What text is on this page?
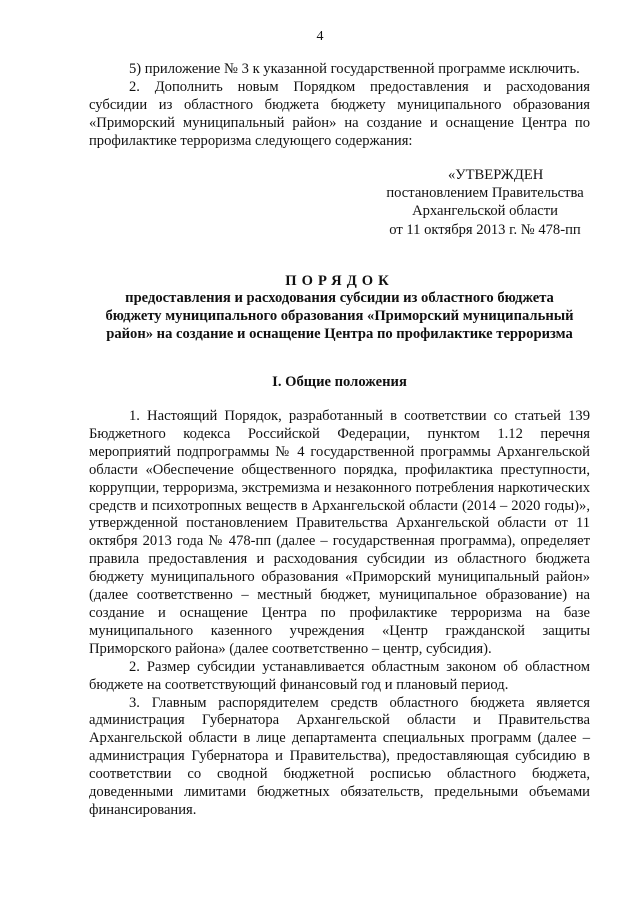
4

5) приложение № 3 к указанной государственной программе исключить.

2. Дополнить новым Порядком предоставления и расходования

субсидии из областного бюджета бюджету муниципального образования «Приморский муниципальный район» на создание и оснащение Центра по профилактике терроризма следующего содержания:

«УТВЕРЖДЕН
постановлением Правительства
Архангельской области
от 11 октября 2013 г. № 478-пп
ПОРЯДОК
предоставления и расходования субсидии из областного бюджета
бюджету муниципального образования «Приморский муниципальный
район» на создание и оснащение Центра по профилактике терроризма
I. Общие положения

1. Настоящий Порядок, разработанный в соответствии со статьей 139 Бюджетного кодекса Российской Федерации, пунктом 1.12 перечня мероприятий подпрограммы № 4 государственной программы Архангельской области «Обеспечение общественного порядка, профилактика преступности, коррупции, терроризма, экстремизма и незаконного потребления наркотических средств и психотропных веществ в Архангельской области (2014 – 2020 годы)», утвержденной постановлением Правительства Архангельской области от 11 октября 2013 года № 478-пп (далее – государственная программа), определяет правила предоставления и расходования субсидии из областного бюджета бюджету муниципального образования «Приморский муниципальный район» (далее соответственно – местный бюджет, муниципальное образование) на создание и оснащение Центра по профилактике терроризма на базе муниципального казенного учреждения «Центр гражданской защиты Приморского района» (далее соответственно – центр, субсидия).

2. Размер субсидии устанавливается областным законом об областном бюджете на соответствующий финансовый год и плановый период.

3. Главным распорядителем средств областного бюджета является администрация Губернатора Архангельской области и Правительства Архангельской области в лице департамента специальных программ (далее – администрация Губернатора и Правительства), предоставляющая субсидию в соответствии со сводной бюджетной росписью областного бюджета, доведенными лимитами бюджетных обязательств, предельными объемами финансирования.
